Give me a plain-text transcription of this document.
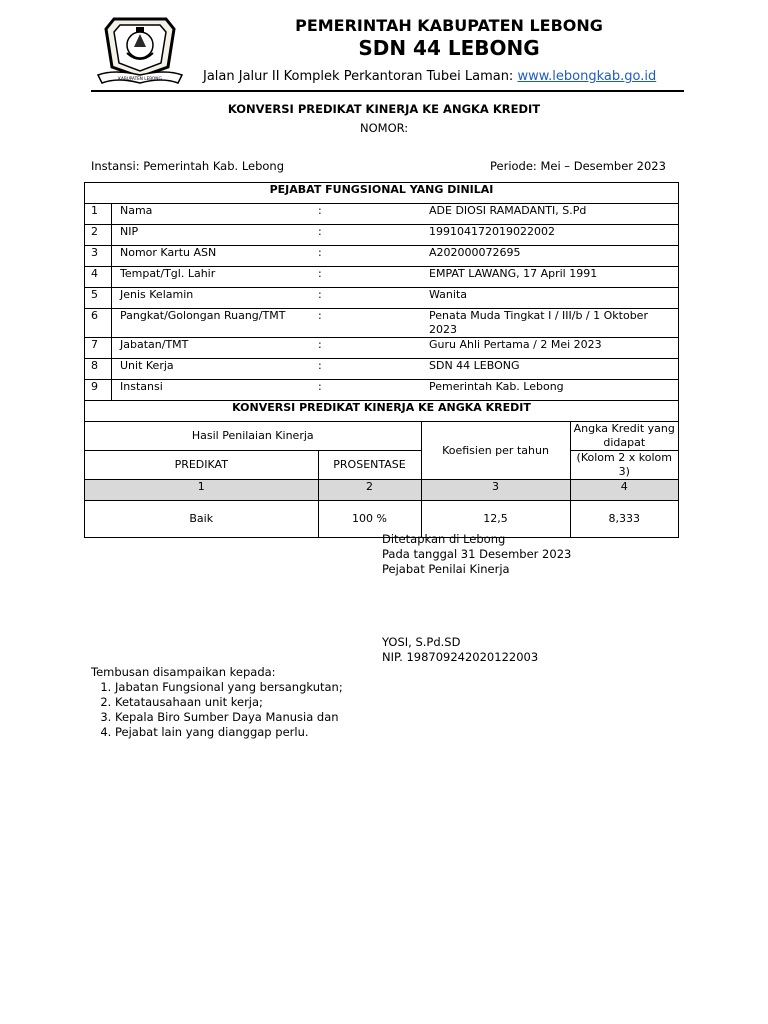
KABUPATEN LEBONG
PEMERINTAH KABUPATEN LEBONG
SDN 44 LEBONG
Jalan Jalur II Komplek Perkantoran Tubei Laman: www.lebongkab.go.id
KONVERSI PREDIKAT KINERJA KE ANGKA KREDIT
NOMOR:
Instansi: Pemerintah Kab. Lebong	Periode: Mei – Desember 2023
PEJABAT FUNGSIONAL YANG DINILAI				
1	Nama	:	ADE DIOSI RAMADANTI, S.Pd	
2	NIP	:	199104172019022002	
3	Nomor Kartu ASN	:	A202000072695	
4	Tempat/Tgl. Lahir	:	EMPAT LAWANG, 17 April 1991	
5	Jenis Kelamin	:	Wanita	
6	Pangkat/Golongan Ruang/TMT	:	Penata Muda Tingkat I / III/b / 1 Oktober 2023	
7	Jabatan/TMT	:	Guru Ahli Pertama / 2 Mei 2023	
8	Unit Kerja	:	SDN 44 LEBONG	
9	Instansi	:	Pemerintah Kab. Lebong	
KONVERSI PREDIKAT KINERJA KE ANGKA KREDIT				
Hasil Penilaian Kinerja			Koefisien per tahun	Angka Kredit yang didapat
PREDIKAT		PROSENTASE		(Kolom 2 x kolom 3)
1		2	3	4
Baik		100 %	12,5	8,333
Ditetapkan di Lebong
Pada tanggal 31 Desember 2023
Pejabat Penilai Kinerja
YOSI, S.Pd.SD
NIP. 198709242020122003
Tembusan disampaikan kepada:
1. Jabatan Fungsional yang bersangkutan;
2. Ketatausahaan unit kerja;
3. Kepala Biro Sumber Daya Manusia dan
4. Pejabat lain yang dianggap perlu.
